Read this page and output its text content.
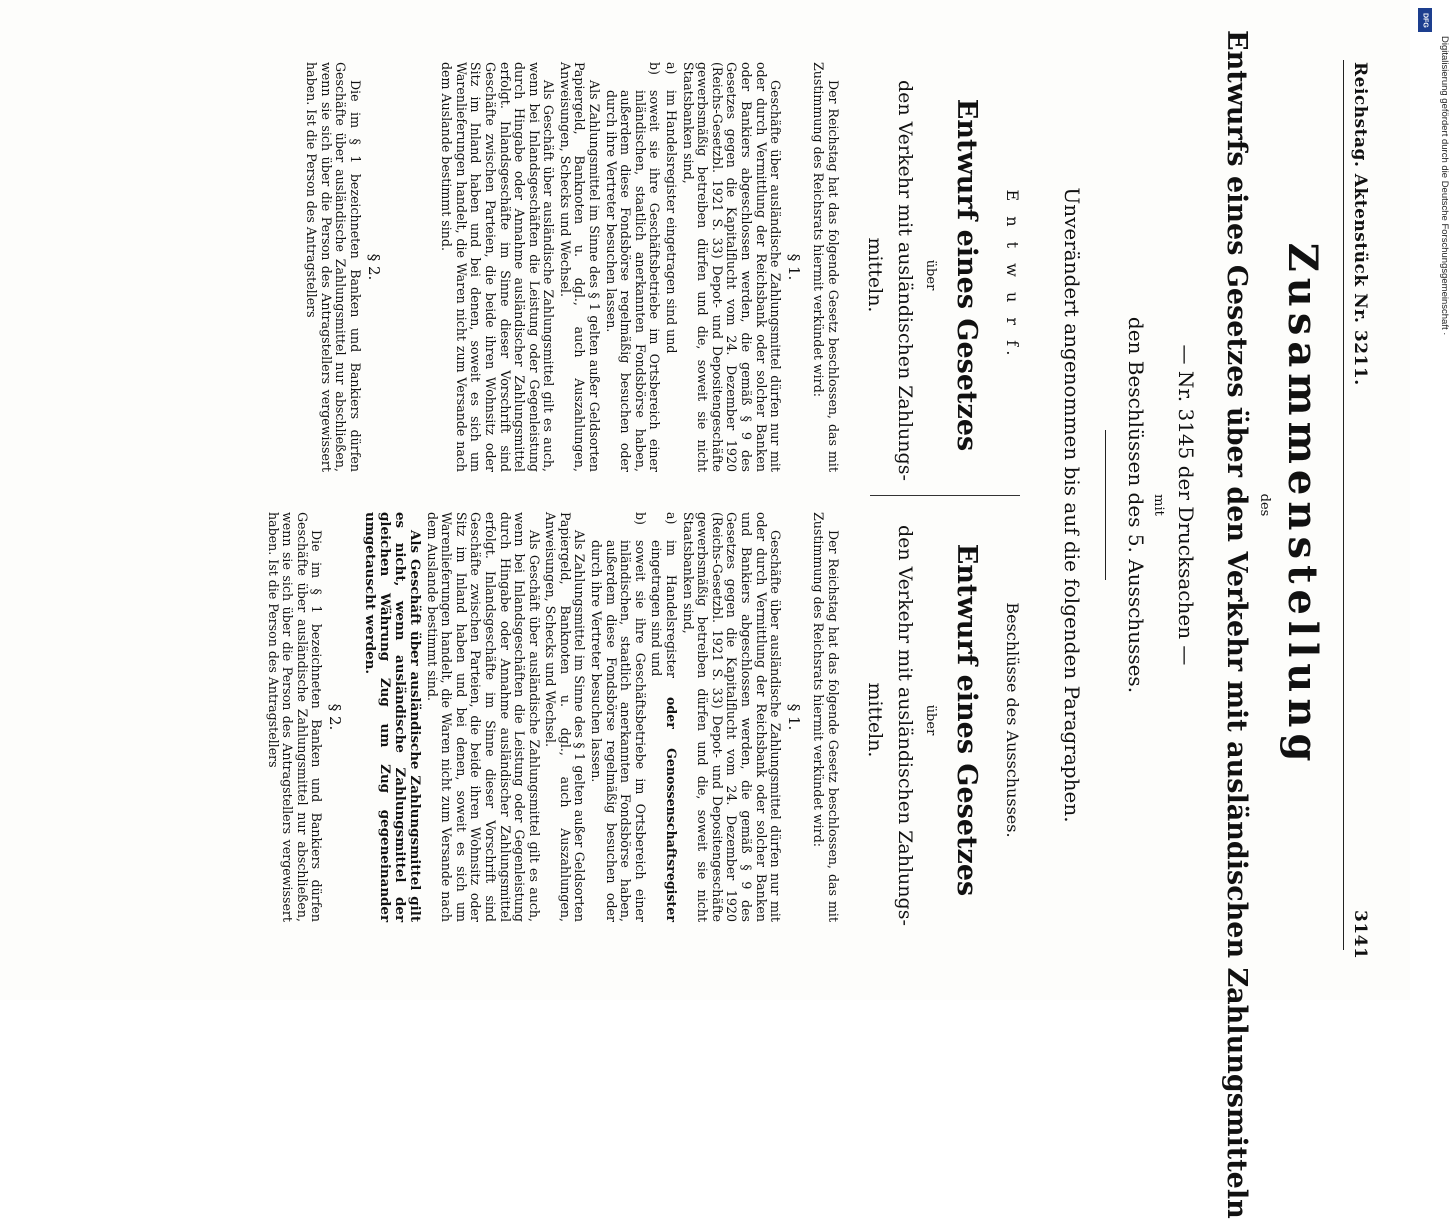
Reichstag. Aktenstück Nr. 3211.
3141
Zusammenstellung
des
Entwurfs eines Gesetzes über den Verkehr mit ausländischen Zahlungsmitteln
— Nr. 3145 der Drucksachen —
mit
den Beschlüssen des 5. Ausschusses.
Unverändert angenommen bis auf die folgenden Paragraphen.
E n t w u r f.
Entwurf eines Gesetzes
über
den Verkehr mit ausländischen Zahlungs-
mitteln.
Beschlüsse des Ausschusses.
Entwurf eines Gesetzes
über
den Verkehr mit ausländischen Zahlungs-
mitteln.

Der Reichstag hat das folgende Gesetz beschlossen, das mit Zustimmung des Reichsrats hiermit verkündet wird:

§ 1.

Geschäfte über ausländische Zahlungsmittel dürfen nur mit oder durch Vermittlung der Reichsbank oder solcher Banken oder Bankiers abgeschlossen werden, die gemäß § 9 des Gesetzes gegen die Kapitalflucht vom 24. Dezember 1920 (Reichs-Gesetzbl. 1921 S. 33) Depot- und Depositengeschäfte gewerbsmäßig betreiben dürfen und die, soweit sie nicht Staatsbanken sind,

a)
im Handelsregister eingetragen sind und

b)
soweit sie ihre Geschäftsbetriebe im Ortsbereich einer inländischen, staatlich anerkannten Fondsbörse haben, außerdem diese Fondsbörse regelmäßig besuchen oder durch ihre Vertreter besuchen lassen.

Als Zahlungsmittel im Sinne des § 1 gelten außer Geldsorten Papiergeld, Banknoten u. dgl., auch Auszahlungen, Anweisungen, Schecks und Wechsel.

Als Geschäft über ausländische Zahlungsmittel gilt es auch, wenn bei Inlandsgeschäften die Leistung oder Gegenleistung durch Hingabe oder Annahme ausländischer Zahlungsmittel erfolgt. Inlandsgeschäfte im Sinne dieser Vorschrift sind Geschäfte zwischen Parteien, die beide ihren Wohnsitz oder Sitz im Inland haben und bei denen, soweit es sich um Warenlieferungen handelt, die Waren nicht zum Versande nach dem Auslande bestimmt sind.

§ 2.

Die im § 1 bezeichneten Banken und Bankiers dürfen Geschäfte über ausländische Zahlungsmittel nur abschließen, wenn sie sich über die Person des Antragstellers vergewissert haben. Ist die Person des Antragstellers

Der Reichstag hat das folgende Gesetz beschlossen, das mit Zustimmung des Reichsrats hiermit verkündet wird:

§ 1.

Geschäfte über ausländische Zahlungsmittel dürfen nur mit oder durch Vermittlung der Reichsbank oder solcher Banken und Bankiers abgeschlossen werden, die gemäß § 9 des Gesetzes gegen die Kapitalflucht vom 24. Dezember 1920 (Reichs-Gesetzbl. 1921 S. 33) Depot- und Depositengeschäfte gewerbsmäßig betreiben dürfen und die, soweit sie nicht Staatsbanken sind,

a)
im Handelsregister oder Genossenschaftsregister eingetragen sind und

b)
soweit sie ihre Geschäftsbetriebe im Ortsbereich einer inländischen, staatlich anerkannten Fondsbörse haben, außerdem diese Fondsbörse regelmäßig besuchen oder durch ihre Vertreter besuchen lassen.

Als Zahlungsmittel im Sinne des § 1 gelten außer Geldsorten Papiergeld, Banknoten u. dgl., auch Auszahlungen, Anweisungen, Schecks und Wechsel.

Als Geschäft über ausländische Zahlungsmittel gilt es auch, wenn bei Inlandsgeschäften die Leistung oder Gegenleistung durch Hingabe oder Annahme ausländischer Zahlungsmittel erfolgt. Inlandsgeschäfte im Sinne dieser Vorschrift sind Geschäfte zwischen Parteien, die beide ihren Wohnsitz oder Sitz im Inland haben und bei denen, soweit es sich um Warenlieferungen handelt, die Waren nicht zum Versande nach dem Auslande bestimmt sind.

Als Geschäft über ausländische Zahlungsmittel gilt es nicht, wenn ausländische Zahlungsmittel der gleichen Währung Zug um Zug gegeneinander umgetauscht werden.

§ 2.

Die im § 1 bezeichneten Banken und Bankiers dürfen Geschäfte über ausländische Zahlungsmittel nur abschließen, wenn sie sich über die Person des Antragstellers vergewissert haben. Ist die Person des Antragstellers

DFG
Digitalisierung gefördert durch die Deutsche Forschungsgemeinschaft ·
